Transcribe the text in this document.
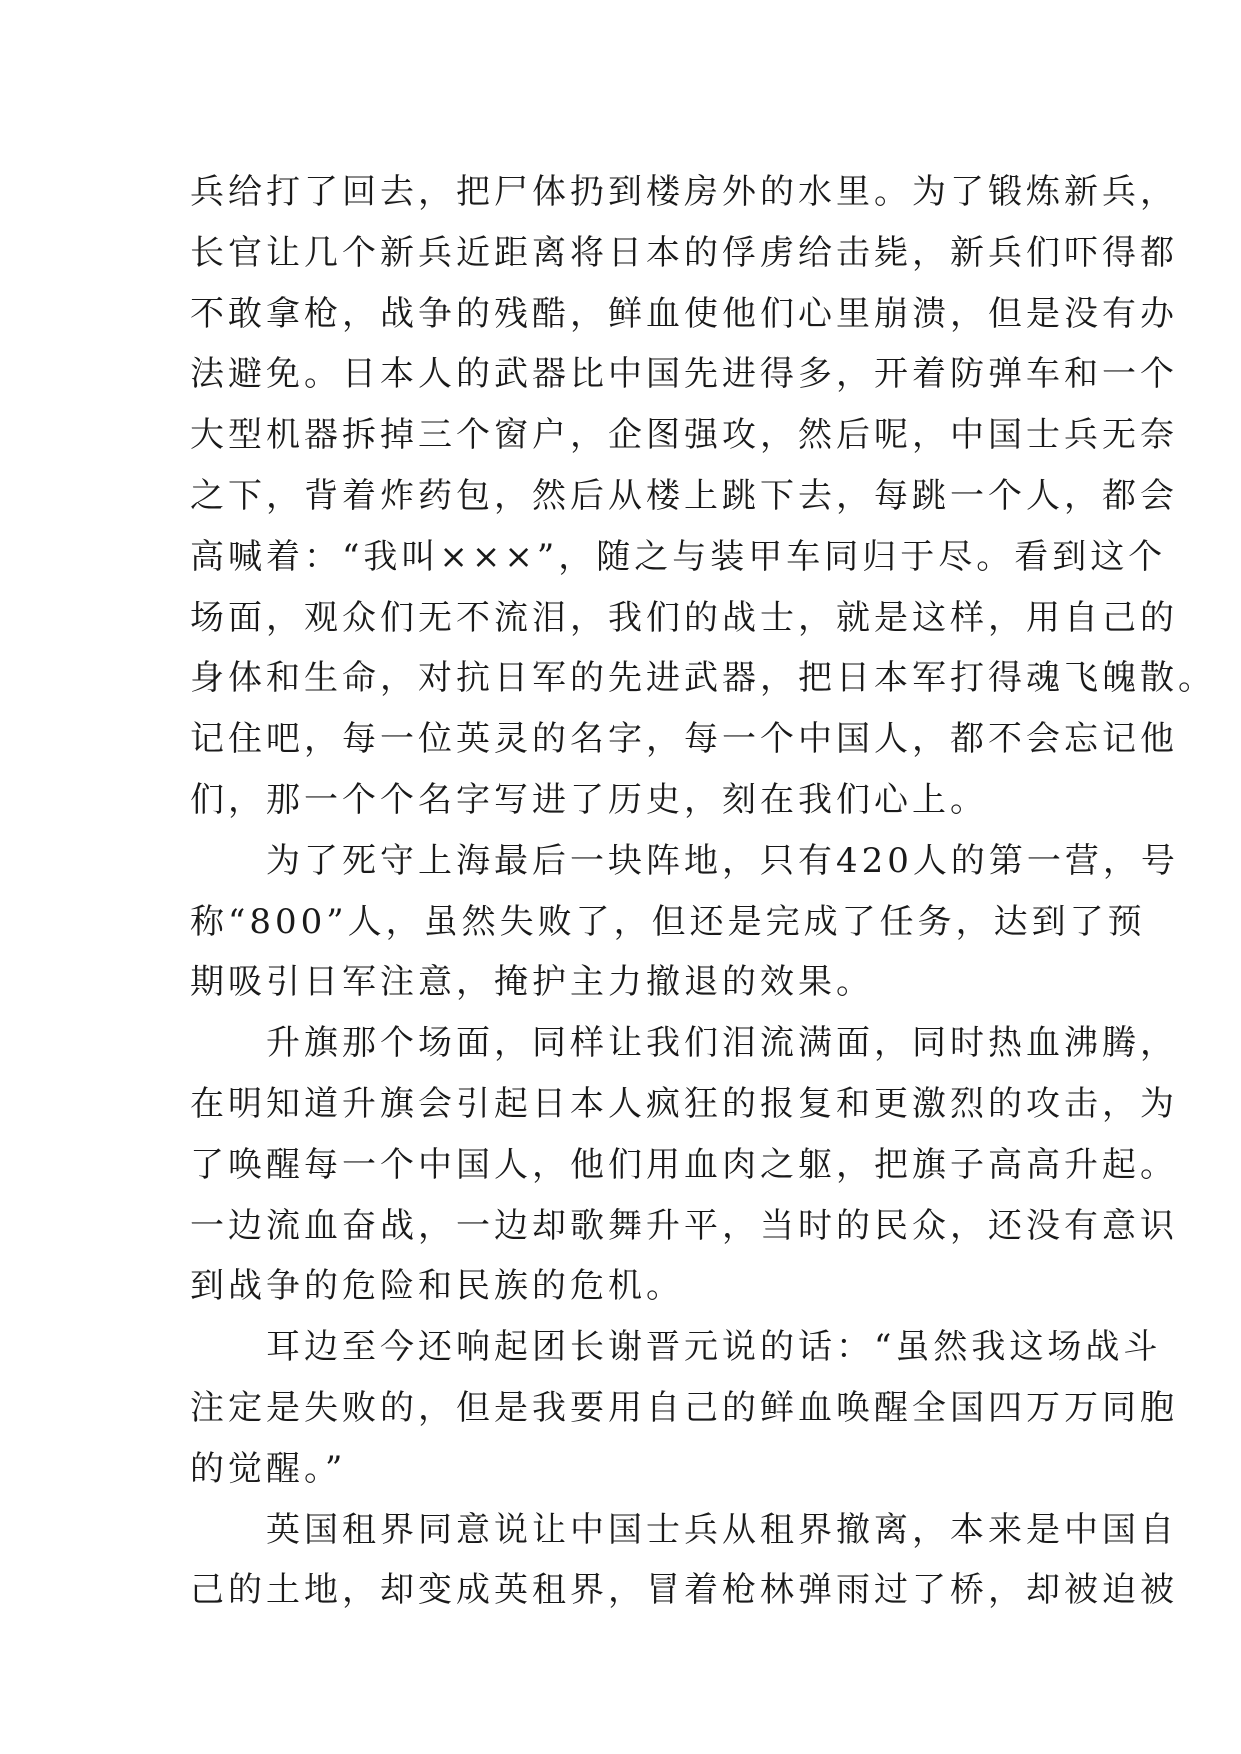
兵给打了回去，把尸体扔到楼房外的水里。为了锻炼新兵，
长官让几个新兵近距离将日本的俘虏给击毙，新兵们吓得都
不敢拿枪，战争的残酷，鲜血使他们心里崩溃，但是没有办
法避免。日本人的武器比中国先进得多，开着防弹车和一个
大型机器拆掉三个窗户，企图强攻，然后呢，中国士兵无奈
之下，背着炸药包，然后从楼上跳下去，每跳一个人，都会
高喊着：“我叫×××”，随之与装甲车同归于尽。看到这个
场面，观众们无不流泪，我们的战士，就是这样，用自己的
身体和生命，对抗日军的先进武器，把日本军打得魂飞魄散。
记住吧，每一位英灵的名字，每一个中国人，都不会忘记他
们，那一个个名字写进了历史，刻在我们心上。
　　为了死守上海最后一块阵地，只有420人的第一营，号
称“800”人，虽然失败了，但还是完成了任务，达到了预
期吸引日军注意，掩护主力撤退的效果。
　　升旗那个场面，同样让我们泪流满面，同时热血沸腾，
在明知道升旗会引起日本人疯狂的报复和更激烈的攻击，为
了唤醒每一个中国人，他们用血肉之躯，把旗子高高升起。
一边流血奋战，一边却歌舞升平，当时的民众，还没有意识
到战争的危险和民族的危机。
　　耳边至今还响起团长谢晋元说的话：“虽然我这场战斗
注定是失败的，但是我要用自己的鲜血唤醒全国四万万同胞
的觉醒。”
　　英国租界同意说让中国士兵从租界撤离，本来是中国自
己的土地，却变成英租界，冒着枪林弹雨过了桥，却被迫被
